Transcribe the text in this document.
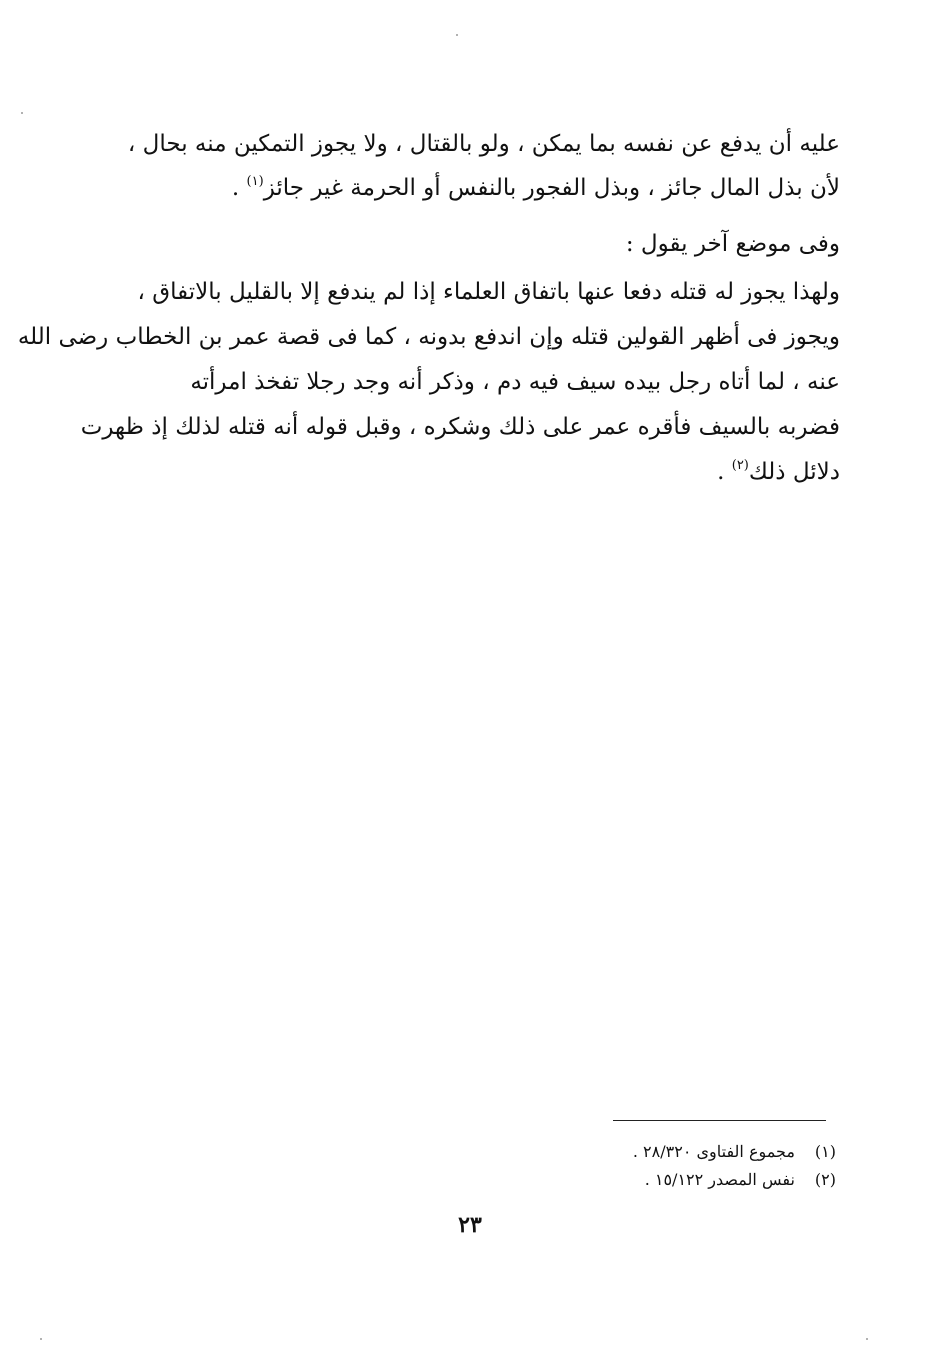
عليه أن يدفع عن نفسه بما يمكن ، ولو بالقتال ، ولا يجوز التمكين منه بحال ،
لأن بذل المال جائز ، وبذل الفجور بالنفس أو الحرمة غير جائز$^{(١)}$ .
وفى موضع آخر يقول :
ولهذا يجوز له قتله دفعا عنها باتفاق العلماء إذا لم يندفع إلا بالقليل بالاتفاق ،
ويجوز فى أظهر القولين قتله وإن اندفع بدونه ، كما فى قصة عمر بن الخطاب رضى الله
عنه ، لما أتاه رجل بيده سيف فيه دم ، وذكر أنه وجد رجلا تفخذ امرأته
فضربه بالسيف فأقره عمر على ذلك وشكره ، وقبل قوله أنه قتله لذلك إذ ظهرت
دلائل ذلك$^{(٢)}$ .
(١) مجموع الفتاوى ٢٨/٣٢٠ .
(٢) نفس المصدر ١٥/١٢٢ .
٢٣
